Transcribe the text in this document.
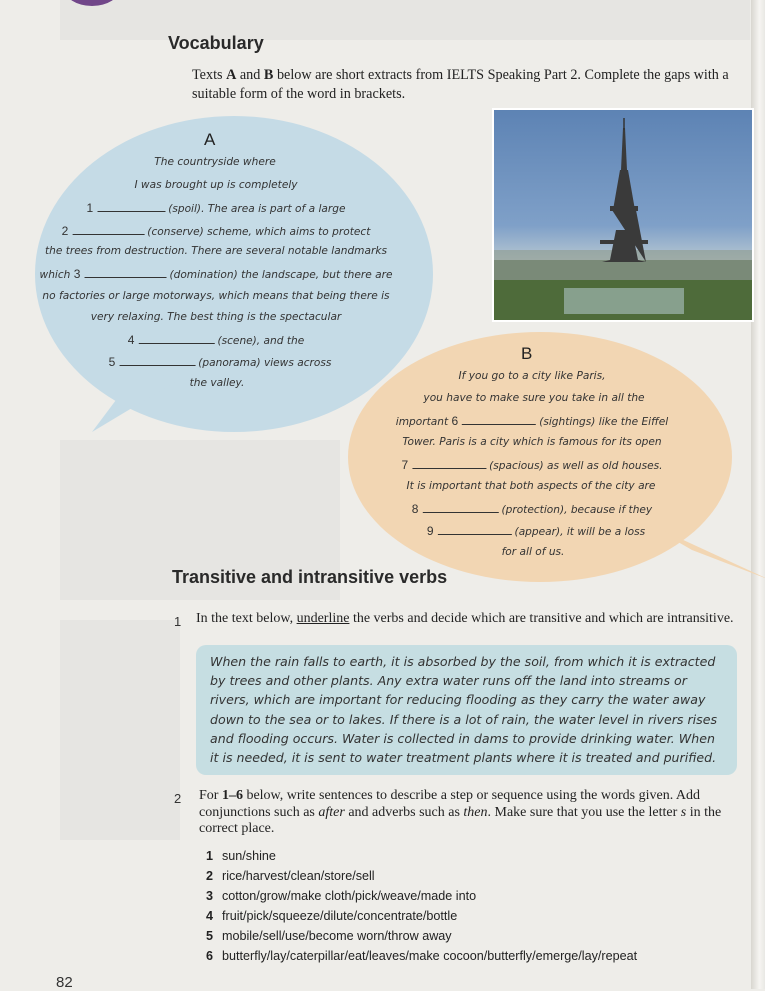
Vocabulary

Texts A and B below are short extracts from IELTS Speaking Part 2. Complete the gaps with a suitable form of the word in brackets.

A
The countryside where
I was brought up is completely
1	(spoil). The area is part of a large
2	(conserve) scheme, which aims to protect
the trees from destruction. There are several notable landmarks
which 3	(domination) the landscape, but there are
no factories or large motorways, which means that being there is
very relaxing. The best thing is the spectacular
4	(scene), and the
5	(panorama) views across
the valley.
B
If you go to a city like Paris,
you have to make sure you take in all the
important 6	(sightings) like the Eiffel
Tower. Paris is a city which is famous for its open
7	(spacious) as well as old houses.
It is important that both aspects of the city are
8	(protection), because if they
9	(appear), it will be a loss
for all of us.
Transitive and intransitive verbs
1 In the text below, underline the verbs and decide which are transitive and which are intransitive.

When the rain falls to earth, it is absorbed by the soil, from which it is extracted by trees and other plants. Any extra water runs off the land into streams or rivers, which are important for reducing flooding as they carry the water away down to the sea or to lakes. If there is a lot of rain, the water level in rivers rises and flooding occurs. Water is collected in dams to provide drinking water. When it is needed, it is sent to water treatment plants where it is treated and purified.

2 For 1–6 below, write sentences to describe a step or sequence using the words given. Add conjunctions such as after and adverbs such as then. Make sure that you use the letter s in the correct place.

1 sun/shine
2 rice/harvest/clean/store/sell
3 cotton/grow/make cloth/pick/weave/made into
4 fruit/pick/squeeze/dilute/concentrate/bottle
5 mobile/sell/use/become worn/throw away
6 butterfly/lay/caterpillar/eat/leaves/make cocoon/butterfly/emerge/lay/repeat
82
